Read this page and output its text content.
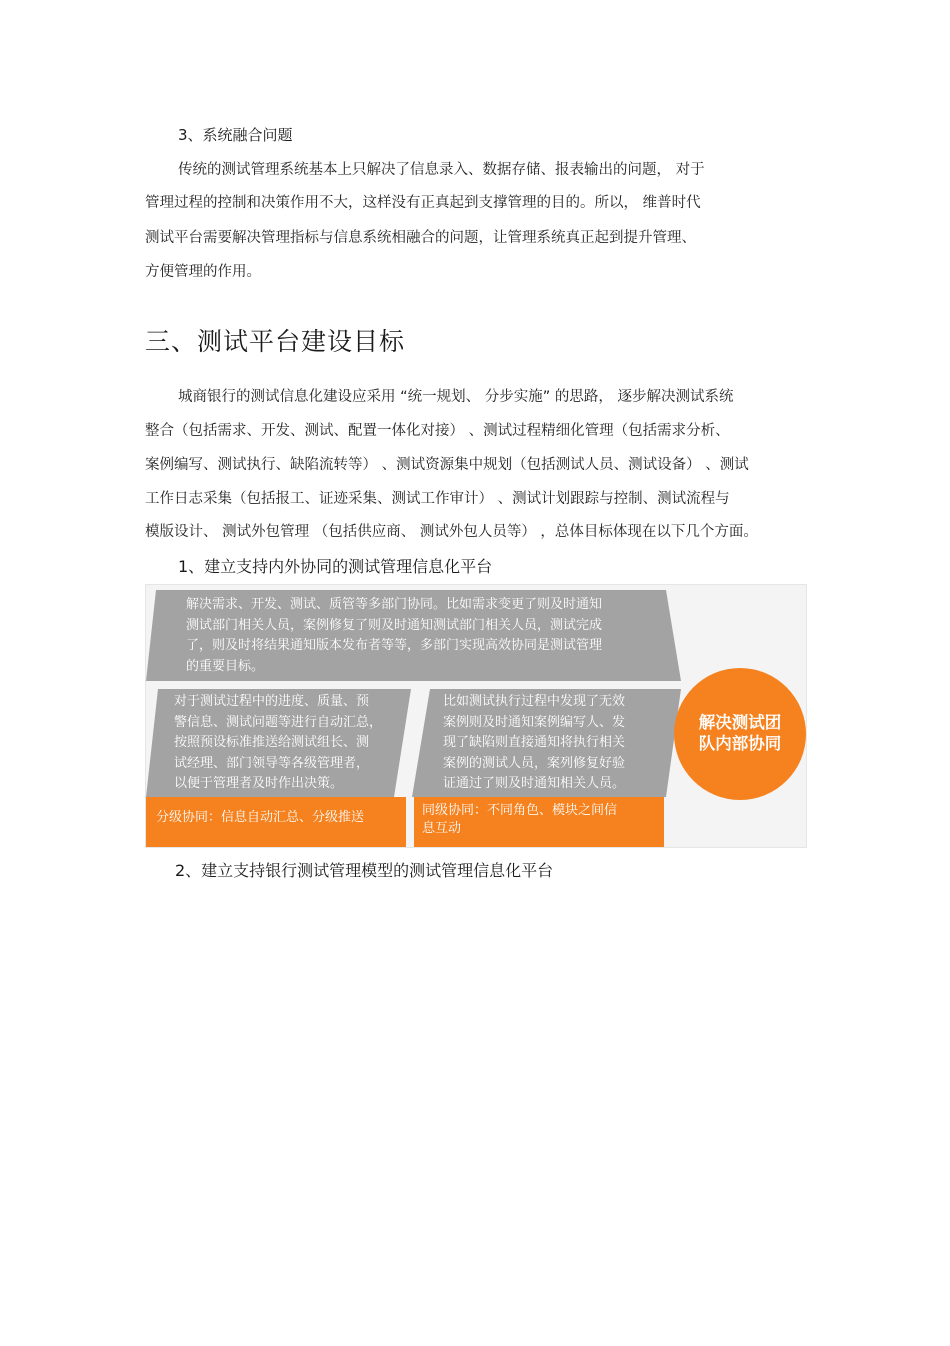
3、系统融合问题
传统的测试管理系统基本上只解决了信息录入、数据存储、报表输出的问题， 对于
管理过程的控制和决策作用不大，这样没有正真起到支撑管理的目的。所以， 维普时代
测试平台需要解决管理指标与信息系统相融合的问题，让管理系统真正起到提升管理、
方便管理的作用。
三、测试平台建设目标
城商银行的测试信息化建设应采用 “统一规划、 分步实施” 的思路， 逐步解决测试系统
整合（包括需求、开发、测试、配置一体化对接） 、测试过程精细化管理（包括需求分析、
案例编写、测试执行、缺陷流转等） 、测试资源集中规划（包括测试人员、测试设备） 、测试
工作日志采集（包括报工、证迹采集、测试工作审计） 、测试计划跟踪与控制、测试流程与
模版设计、 测试外包管理 （包括供应商、 测试外包人员等） ，总体目标体现在以下几个方面。
1、建立支持内外协同的测试管理信息化平台
解决需求、开发、测试、质管等多部门协同。比如需求变更了则及时通知
测试部门相关人员，案例修复了则及时通知测试部门相关人员，测试完成
了，则及时将结果通知版本发布者等等，多部门实现高效协同是测试管理
的重要目标。
对于测试过程中的进度、质量、预
警信息、测试问题等进行自动汇总，
按照预设标准推送给测试组长、测
试经理、部门领导等各级管理者，
以便于管理者及时作出决策。
比如测试执行过程中发现了无效
案例则及时通知案例编写人、发
现了缺陷则直接通知将执行相关
案例的测试人员，案列修复好验
证通过了则及时通知相关人员。
分级协同：信息自动汇总、分级推送	同级协同：不同角色、模块之间信
息互动
解决测试团
队内部协同
2、建立支持银行测试管理模型的测试管理信息化平台
